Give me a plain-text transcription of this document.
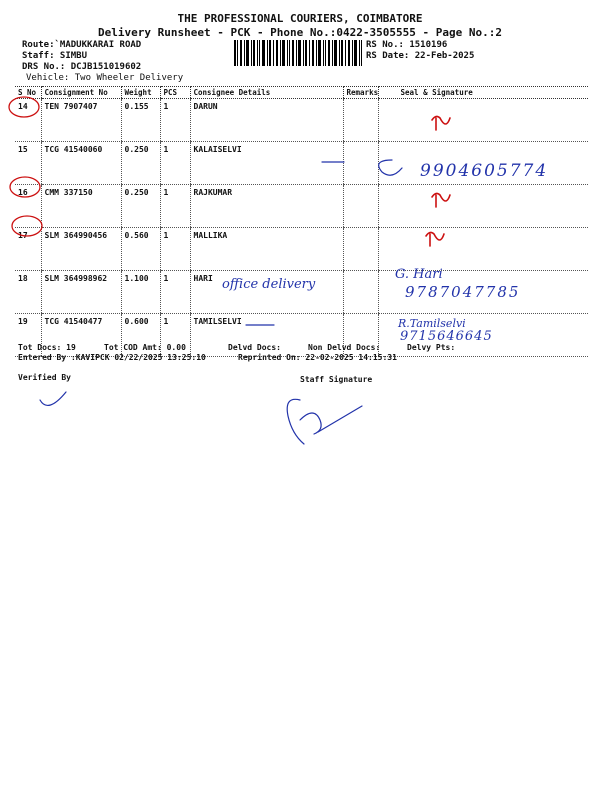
THE PROFESSIONAL COURIERS, COIMBATORE
Delivery Runsheet - PCK - Phone No.:0422-3505555 - Page No.:2
Route:`MADUKKARAI ROAD
Staff: SIMBU
DRS No.: DCJB151019602
Vehicle: Two Wheeler Delivery
RS No.: 1510196
RS Date: 22-Feb-2025
S No	Consignment No	Weight	PCS	Consignee Details	Remarks	Seal & Signature
14	TEN 7907407	0.155	1	DARUN		
15	TCG 41540060	0.250	1	KALAISELVI		
16	CMM 337150	0.250	1	RAJKUMAR		
17	SLM 364990456	0.560	1	MALLIKA		
18	SLM 364998962	1.100	1	HARI		
19	TCG 41540477	0.600	1	TAMILSELVI		
Tot Docs: 19	Tot COD Amt: 0.00	Delvd Docs:	Non Delvd Docs:	Delvy Pts:
Entered By :KAVIPCK 02/22/2025 13:25:10	Reprinted On: 22-02-2025 14:15:31
Verified By	Staff Signature
9904605774
office delivery
G. Hari
9787047785
R.Tamilselvi
9715646645
